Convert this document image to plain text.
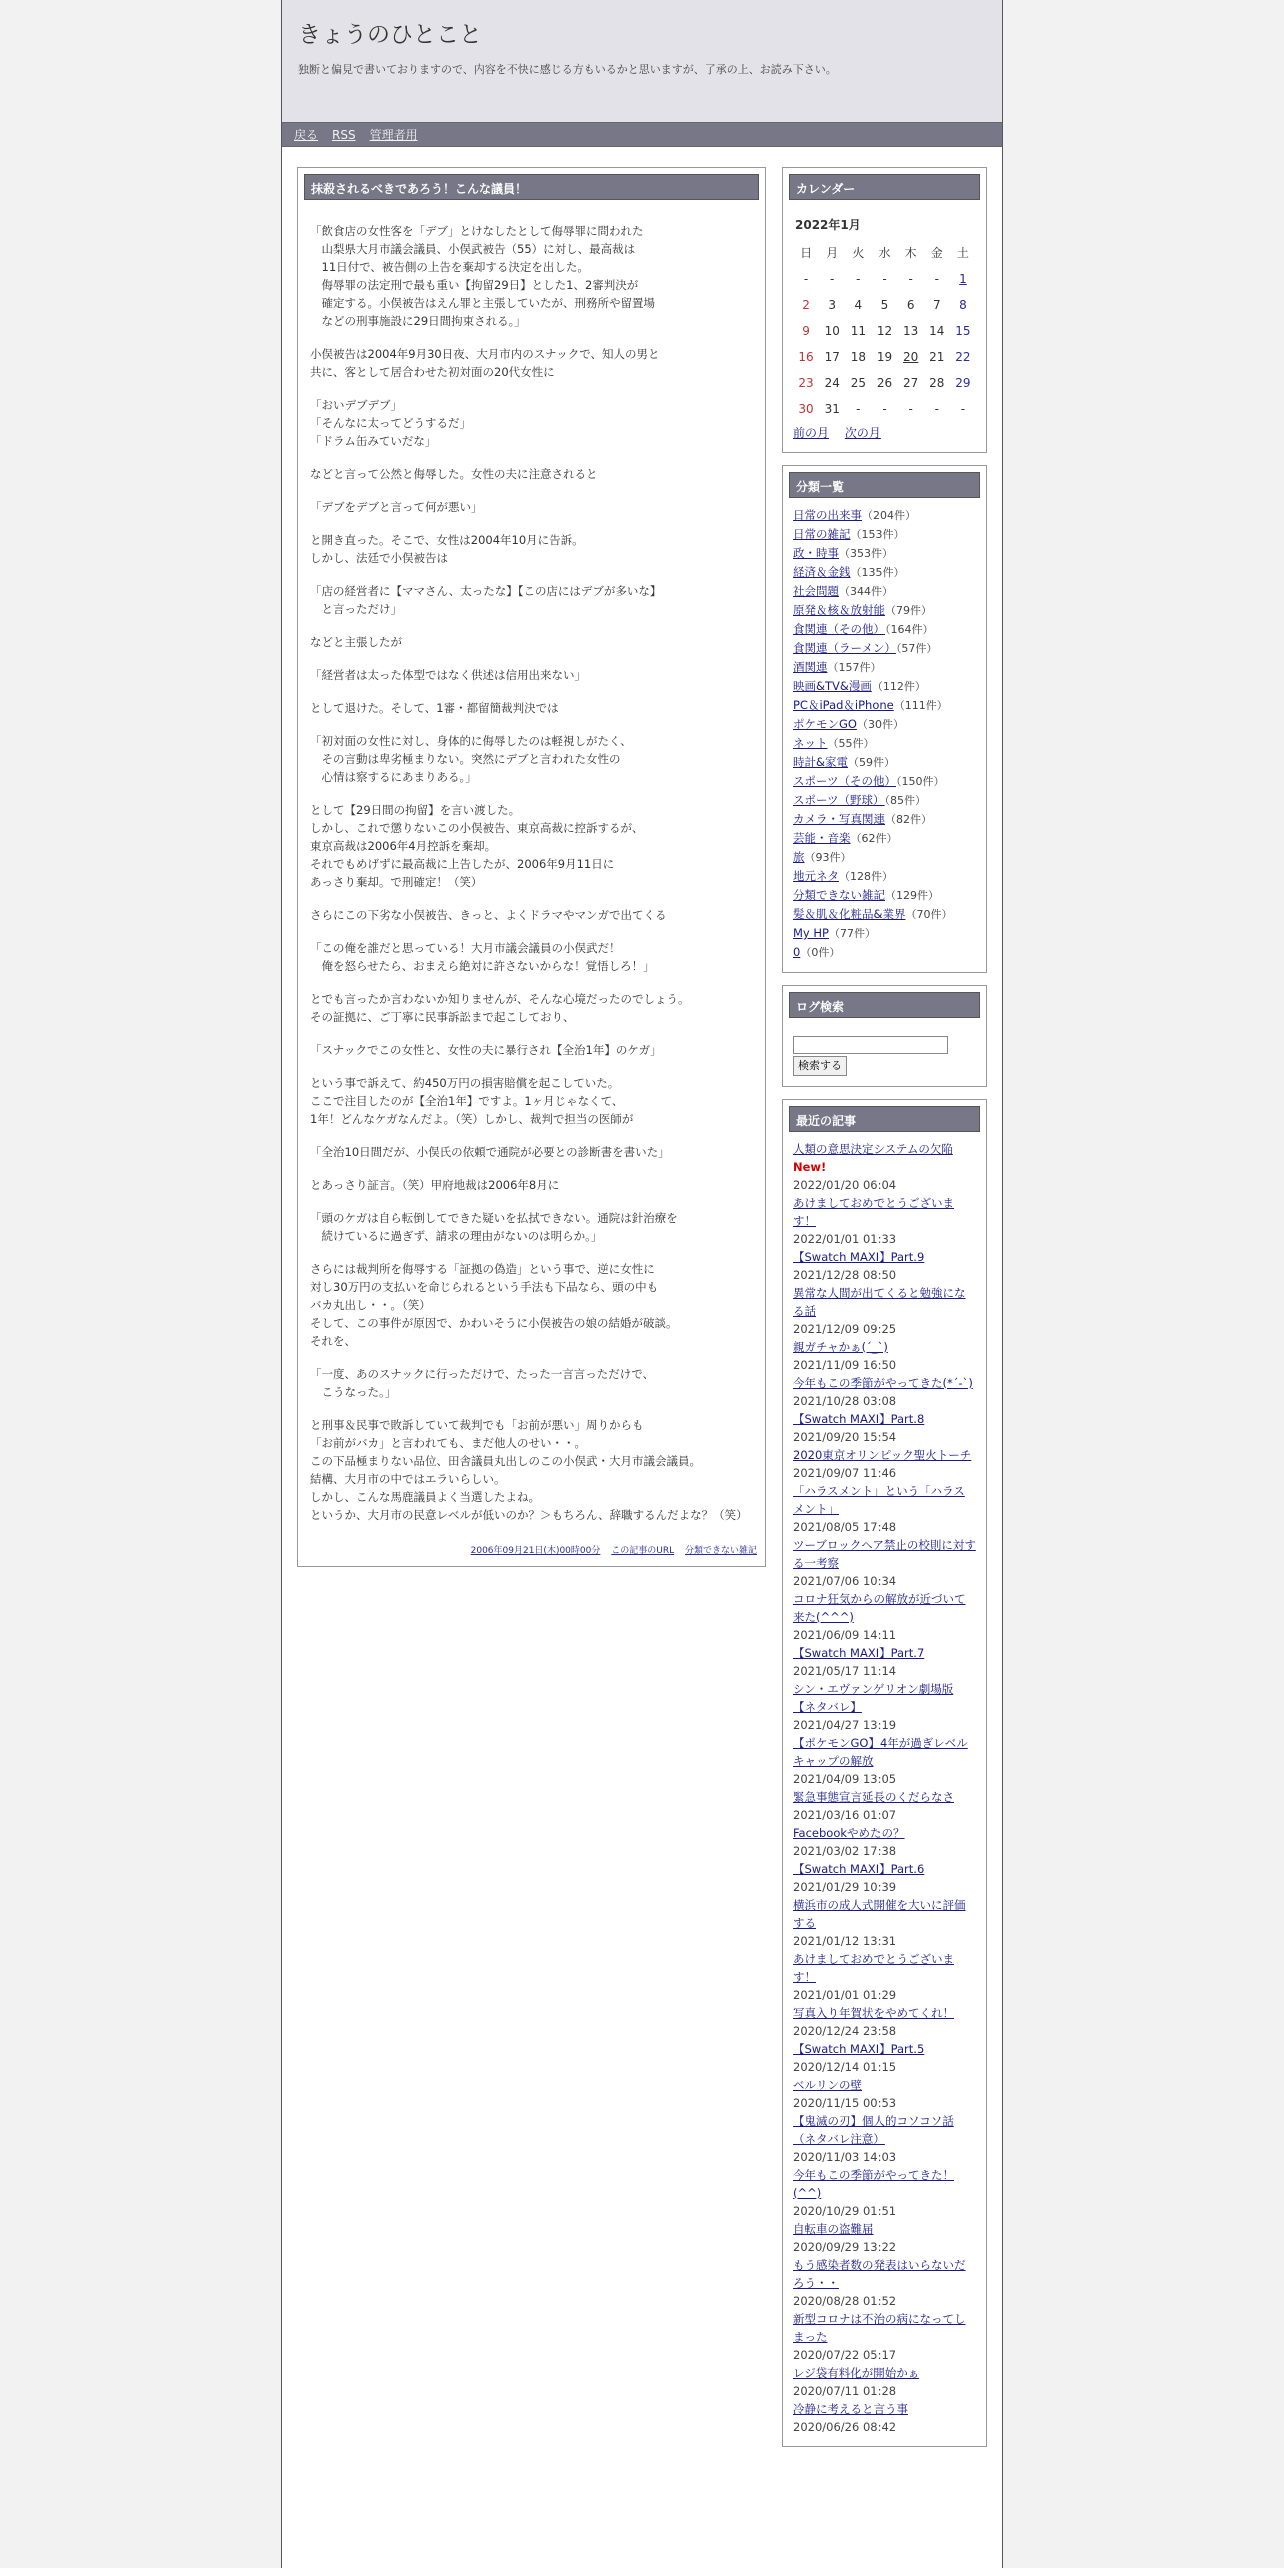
きょうのひとこと
独断と偏見で書いておりますので、内容を不快に感じる方もいるかと思いますが、了承の上、お読み下さい。
戻る RSS 管理者用
抹殺されるべきであろう！こんな議員！

「飲食店の女性客を「デブ」とけなしたとして侮辱罪に問われた
　山梨県大月市議会議員、小俣武被告（55）に対し、最高裁は
　11日付で、被告側の上告を棄却する決定を出した。
　侮辱罪の法定刑で最も重い【拘留29日】とした1、2審判決が
　確定する。小俣被告はえん罪と主張していたが、刑務所や留置場
　などの刑事施設に29日間拘束される。」

小俣被告は2004年9月30日夜、大月市内のスナックで、知人の男と
共に、客として居合わせた初対面の20代女性に

「おいデブデブ」
「そんなに太ってどうするだ」
「ドラム缶みていだな」

などと言って公然と侮辱した。女性の夫に注意されると

「デブをデブと言って何が悪い」

と開き直った。そこで、女性は2004年10月に告訴。
しかし、法廷で小俣被告は

「店の経営者に【ママさん、太ったな】【この店にはデブが多いな】
　と言っただけ」

などと主張したが

「経営者は太った体型ではなく供述は信用出来ない」

として退けた。そして、1審・都留簡裁判決では

「初対面の女性に対し、身体的に侮辱したのは軽視しがたく、
　その言動は卑劣極まりない。突然にデブと言われた女性の
　心情は察するにあまりある。」

として【29日間の拘留】を言い渡した。
しかし、これで懲りないこの小俣被告、東京高裁に控訴するが、
東京高裁は2006年4月控訴を棄却。
それでもめげずに最高裁に上告したが、2006年9月11日に
あっさり棄却。で刑確定！（笑）

さらにこの下劣な小俣被告、きっと、よくドラマやマンガで出てくる

「この俺を誰だと思っている！大月市議会議員の小俣武だ！
　俺を怒らせたら、おまえら絶対に許さないからな！覚悟しろ！」

とでも言ったか言わないか知りませんが、そんな心境だったのでしょう。
その証拠に、ご丁寧に民事訴訟まで起こしており、

「スナックでこの女性と、女性の夫に暴行され【全治1年】のケガ」

という事で訴えて、約450万円の損害賠償を起こしていた。
ここで注目したのが【全治1年】ですよ。1ヶ月じゃなくて、
1年！どんなケガなんだよ。（笑）しかし、裁判で担当の医師が

「全治10日間だが、小俣氏の依頼で通院が必要との診断書を書いた」

とあっさり証言。（笑）甲府地裁は2006年8月に

「頭のケガは自ら転倒してできた疑いを払拭できない。通院は針治療を
　続けているに過ぎず、請求の理由がないのは明らか。」

さらには裁判所を侮辱する「証拠の偽造」という事で、逆に女性に
対し30万円の支払いを命じられるという手法も下品なら、頭の中も
バカ丸出し・・。（笑）
そして、この事件が原因で、かわいそうに小俣被告の娘の結婚が破談。
それを、

「一度、あのスナックに行っただけで、たった一言言っただけで、
　こうなった。」

と刑事＆民事で敗訴していて裁判でも「お前が悪い」周りからも
「お前がバカ」と言われても、まだ他人のせい・・。
この下品極まりない品位、田舎議員丸出しのこの小俣武・大月市議会議員。
結構、大月市の中ではエラいらしい。
しかし、こんな馬鹿議員よく当選したよね。
というか、大月市の民意レベルが低いのか？＞もちろん、辞職するんだよな？（笑）

2006年09月21日(木)00時00分 この記事のURL 分類できない雑記
カレンダー
2022年1月
日	月	火	水	木	金	土
-	-	-	-	-	-	1
2	3	4	5	6	7	8
9	10	11	12	13	14	15
16	17	18	19	20	21	22
23	24	25	26	27	28	29
30	31	-	-	-	-	-
前の月 次の月
分類一覧
日常の出来事（204件）
日常の雑記（153件）
政・時事（353件）
経済＆金銭（135件）
社会問題（344件）
原発＆核＆放射能（79件）
食関連（その他）（164件）
食関連（ラーメン）（57件）
酒関連（157件）
映画&TV&漫画（112件）
PC＆iPad＆iPhone（111件）
ポケモンGO（30件）
ネット（55件）
時計&家電（59件）
スポーツ（その他）（150件）
スポーツ（野球）（85件）
カメラ・写真関連（82件）
芸能・音楽（62件）
旅（93件）
地元ネタ（128件）
分類できない雑記（129件）
髪＆肌＆化粧品&業界（70件）
My HP（77件）
0（0件）
ログ検索

検索する
最近の記事
人類の意思決定システムの欠陥 New!
2022/01/20 06:04
あけましておめでとうございます！
2022/01/01 01:33
【Swatch MAXI】Part.9
2021/12/28 08:50
異常な人間が出てくると勉強になる話
2021/12/09 09:25
親ガチャかぁ(´_`)
2021/11/09 16:50
今年もこの季節がやってきた(*´-`)
2021/10/28 03:08
【Swatch MAXI】Part.8
2021/09/20 15:54
2020東京オリンピック聖火トーチ
2021/09/07 11:46
「ハラスメント」という「ハラスメント」
2021/08/05 17:48
ツーブロックヘア禁止の校則に対する一考察
2021/07/06 10:34
コロナ狂気からの解放が近づいて来た(^^^)
2021/06/09 14:11
【Swatch MAXI】Part.7
2021/05/17 11:14
シン・エヴァンゲリオン劇場版【ネタバレ】
2021/04/27 13:19
【ポケモンGO】4年が過ぎレベルキャップの解放
2021/04/09 13:05
緊急事態宣言延長のくだらなさ
2021/03/16 01:07
Facebookやめたの？
2021/03/02 17:38
【Swatch MAXI】Part.6
2021/01/29 10:39
横浜市の成人式開催を大いに評価する
2021/01/12 13:31
あけましておめでとうございます！
2021/01/01 01:29
写真入り年賀状をやめてくれ！
2020/12/24 23:58
【Swatch MAXI】Part.5
2020/12/14 01:15
ベルリンの壁
2020/11/15 00:53
【鬼滅の刃】個人的コソコソ話（ネタバレ注意）
2020/11/03 14:03
今年もこの季節がやってきた！(^^)
2020/10/29 01:51
自転車の盗難届
2020/09/29 13:22
もう感染者数の発表はいらないだろう・・
2020/08/28 01:52
新型コロナは不治の病になってしまった
2020/07/22 05:17
レジ袋有料化が開始かぁ
2020/07/11 01:28
冷静に考えると言う事
2020/06/26 08:42
